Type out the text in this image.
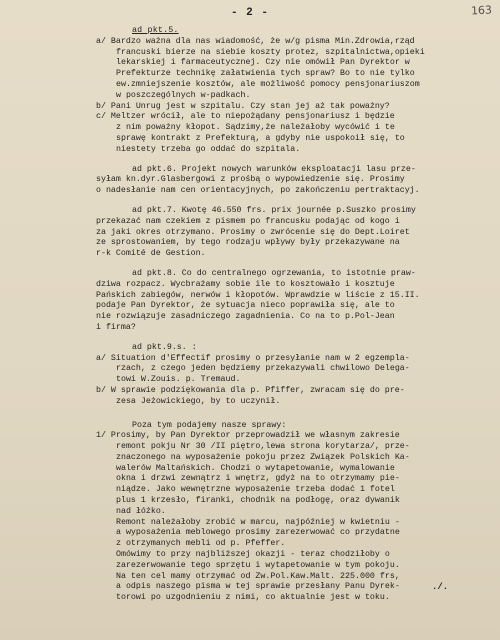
- 2 -	163
ad pkt.5.
a/ Bardzo ważna dla nas wiadomość, że w/g pisma Min.Zdrowia,rząd
francuski bierze na siebie koszty protez, szpitalnictwa,opieki
lekarskiej i farmaceutycznej. Czy nie omówił Pan Dyrektor w
Prefekturze technikę załatwienia tych spraw? Bo to nie tylko
ew.zmniejszenie kosztów, ale możliwość pomocy pensjonariuszom
w poszczególnych w-padkach.
b/ Pani Unrug jest w szpitalu. Czy stan jej aż tak poważny?
c/ Meltzer wrócił, ale to niepożądany pensjonariusz i będzie
z nim poważny kłopot. Sądzimy,że należałoby wycówić i te
sprawę kontrakt z Prefekturą, a gdyby nie uspokoił się, to
niestety trzeba go oddać do szpitala.
ad pkt.6. Projekt nowych warunków eksploatacji lasu prze-
syłam kn.dyr.Glasbergowi z prośbą o wypowiedzenie się. Prosimy
o nadesłanie nam cen orientacyjnych, po zakończeniu pertraktacyj.
ad pkt.7. Kwotę 46.550 frs. prix journée p.Suszko prosimy
przekazać nam czekiem z pismem po francusku podając od kogo i
za jaki okres otrzymano. Prosimy o zwrócenie się do Dept.Loiret
ze sprostowaniem, by tego rodzaju wpływy były przekazywane na
r-k Comité de Gestion.
ad pkt.8. Co do centralnego ogrzewania, to istotnie praw-
dziwa rozpacz. Wycbrażamy sobie ile to kosztowało i kosztuje
Pańskich zabiegów, nerwów i kłopotów. Wprawdzie w liście z 15.II.
podaje Pan Dyrektor, że sytuacja nieco poprawiła się, ale to
nie rozwiązuje zasadniczego zagadnienia. Co na to p.Pol-Jean
i firma?
ad pkt.9.s. :
a/ Situation d'Effectif prosimy o przesyłanie nam w 2 egzempla-
rzach, z czego jeden będziemy przekazywali chwilowo Delega-
towi W.Zouis. p. Tremaud.
b/ W sprawie podziękowania dla p. Pfiffer, zwracam się do pre-
zesa Jeżowickiego, by to uczynił.
Poza tym podajemy nasze sprawy:
1/ Prosimy, by Pan Dyrektor przeprowadził we własnym zakresie
remont pokju Nr 30 /II piętro,lewa strona korytarza/, prze-
znaczonego na wyposażenie pokoju przez Związek Polskich Ka-
walerów Maltańskich. Chodzi o wytapetowanie, wymalowanie
okna i drzwi zewnątrz i wnętrz, gdyż na to otrzymamy pie-
niądze. Jako wewnętrzne wyposażenie trzeba dodać 1 fotel
plus 1 krzesło, firanki, chodnik na podłogę, oraz dywanik
nad łóżko.
Remont należałoby zrobić w marcu, najpóźniej w kwietniu -
a wyposażenia meblowego prosimy zarezerwować co przydatne
z otrzymanych mebli od p. Pfeffer.
Omówimy to przy najbliższej okazji - teraz chodziłoby o
zarezerwowanie tego sprzętu i wytapetowanie w tym pokoju.
Na ten cel mamy otrzymać od Zw.Pol.Kaw.Malt. 225.000 frs,
a odpis naszego pisma w tej sprawie przesłany Panu Dyrek-
torowi po uzgodnieniu z nimi, co aktualnie jest w toku.
./.
